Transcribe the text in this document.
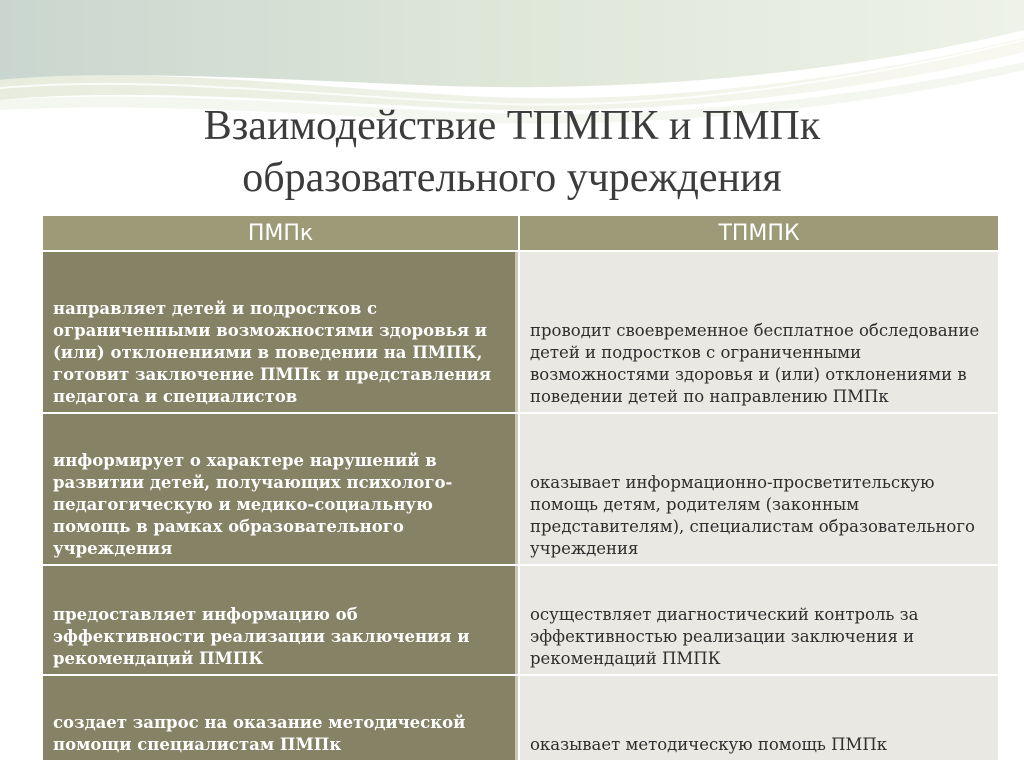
Взаимодействие ТПМПК и ПМПк
образовательного учреждения
ПМПк	ТПМПК
направляет детей и подростков с ограниченными возможностями здоровья и (или) отклонениями в поведении на ПМПК, готовит заключение ПМПк и представления педагога и специалистов	проводит своевременное бесплатное обследование детей и подростков с ограниченными возможностями здоровья и (или) отклонениями в поведении детей по направлению ПМПк
информирует о характере нарушений в развитии детей, получающих психолого-педагогическую и медико-социальную помощь в рамках образовательного учреждения	оказывает информационно-просветительскую помощь детям, родителям (законным представителям), специалистам образовательного учреждения
предоставляет информацию об эффективности реализации заключения и рекомендаций ПМПК	осуществляет диагностический контроль за эффективностью реализации заключения и рекомендаций ПМПК
создает запрос на оказание методической помощи специалистам ПМПк	оказывает методическую помощь ПМПк
